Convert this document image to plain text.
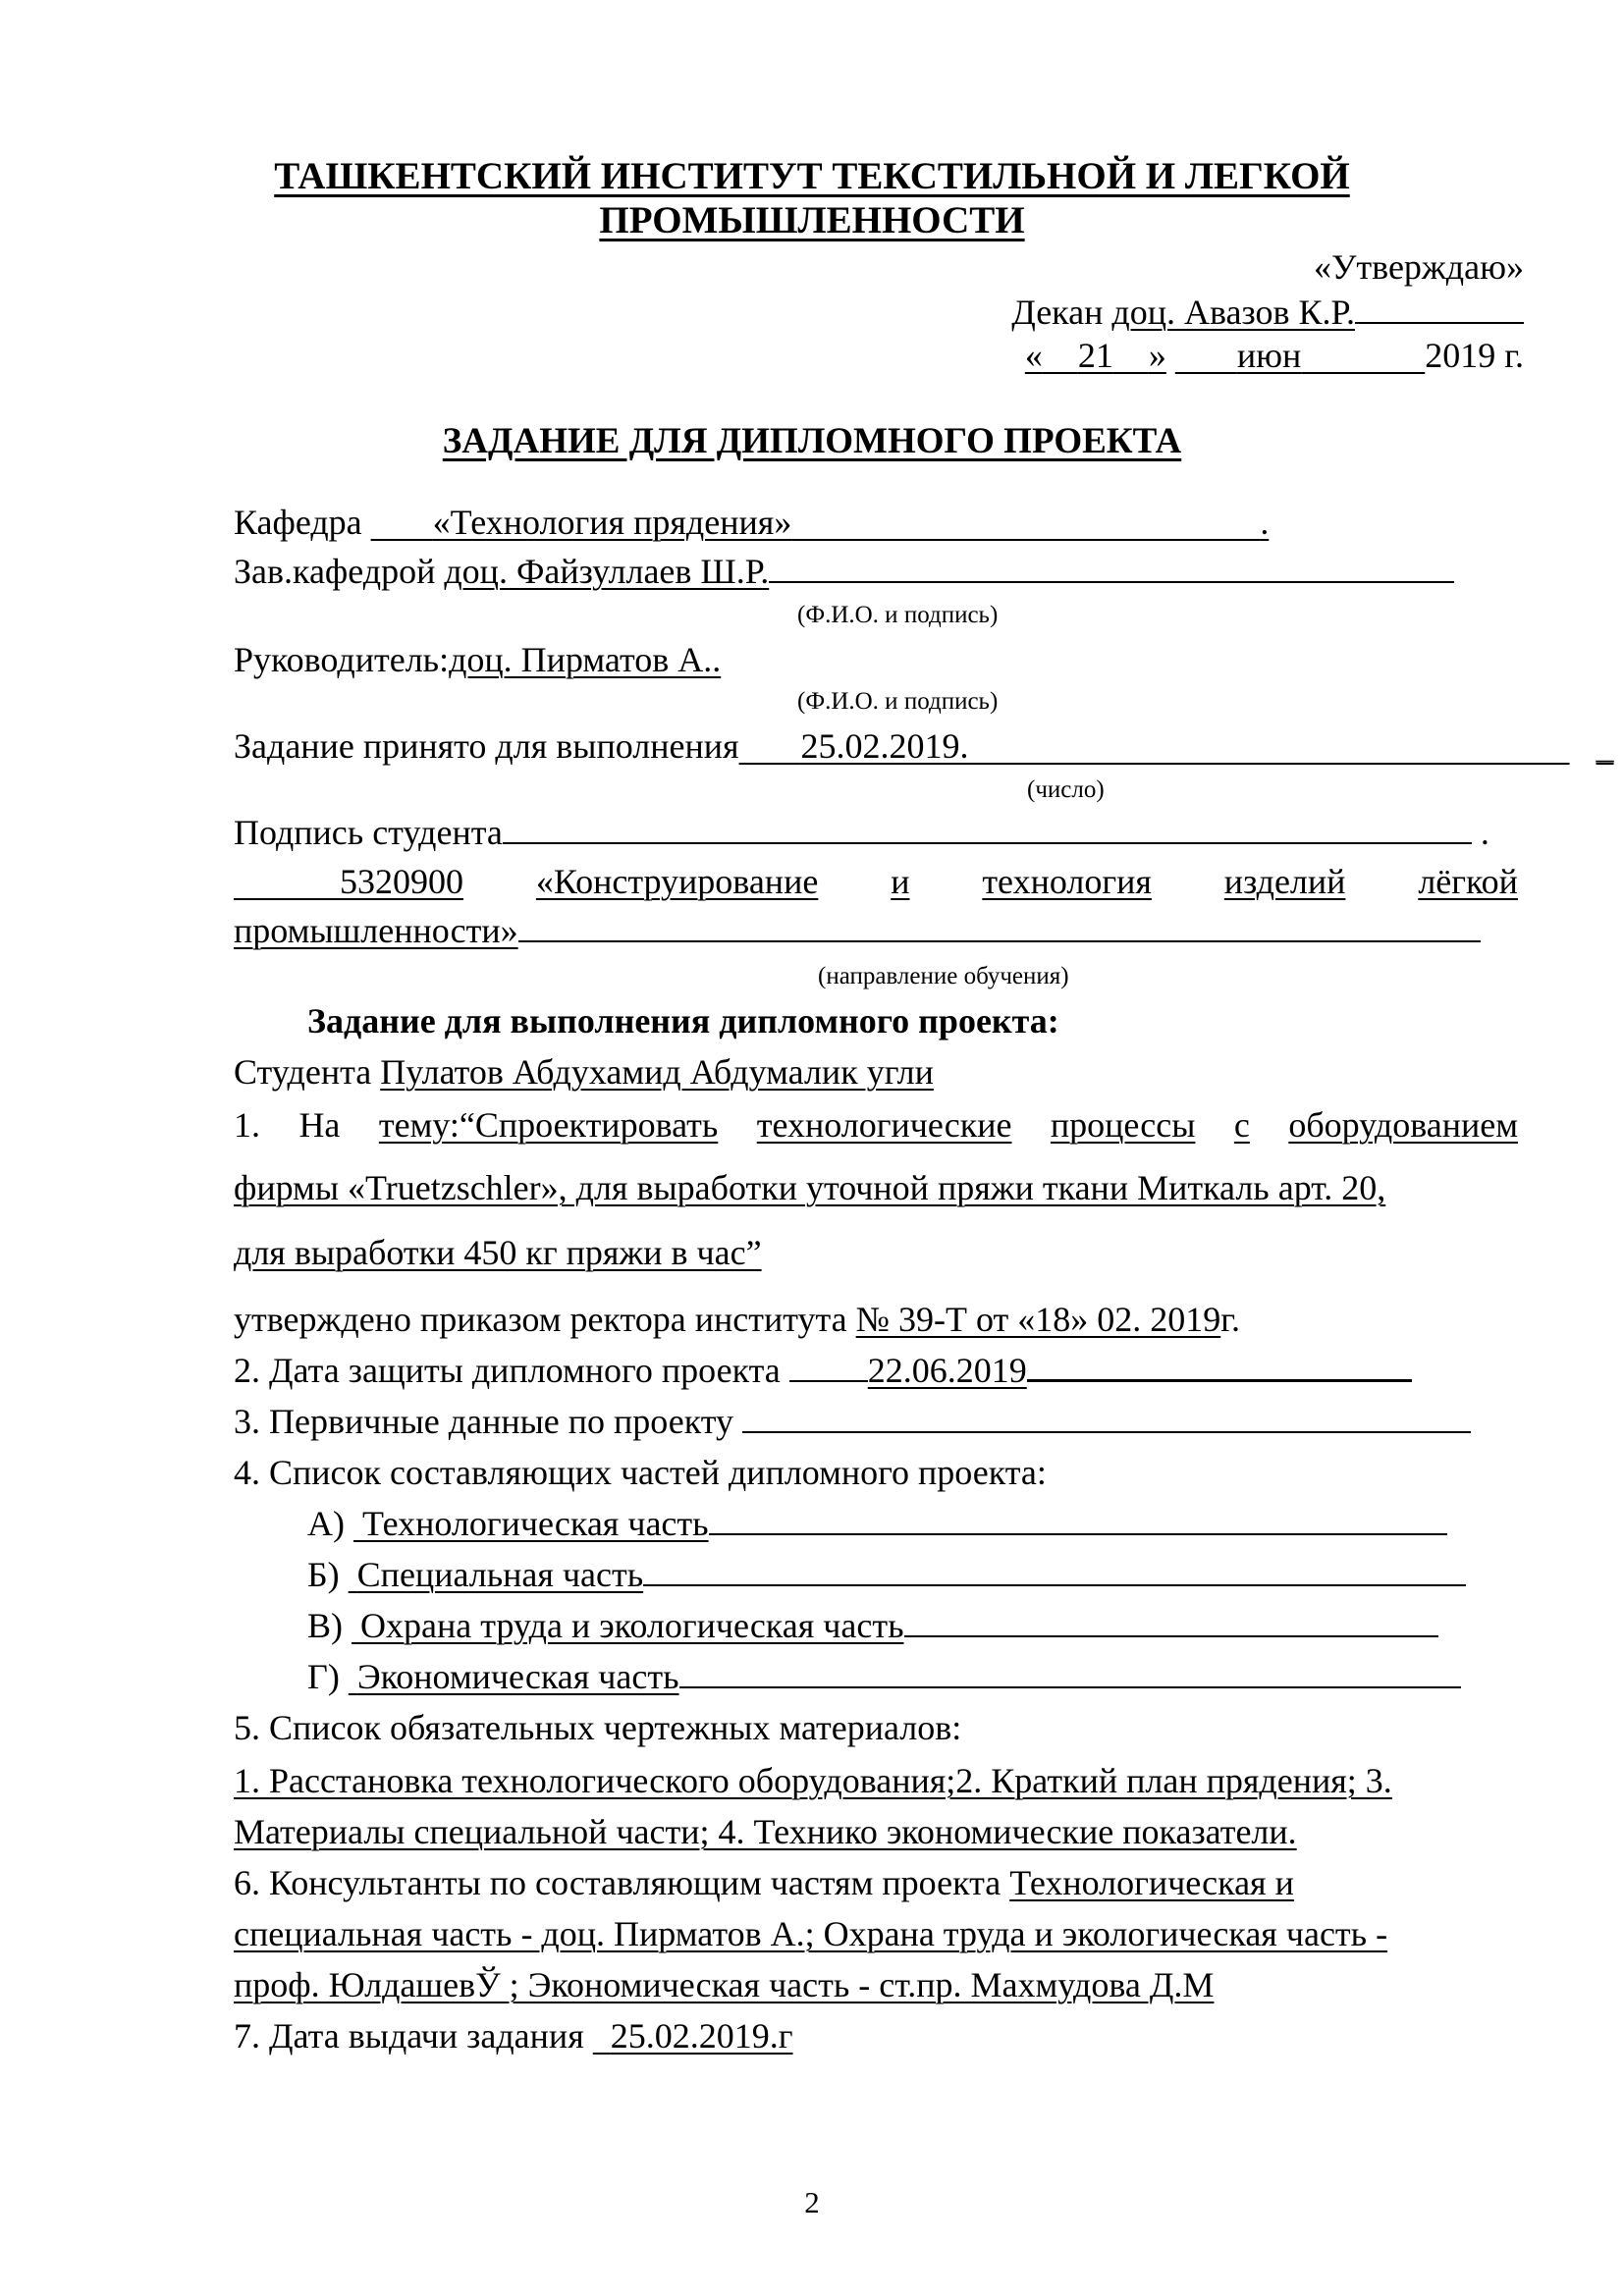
ТАШКЕНТСКИЙ ИНСТИТУТ ТЕКСТИЛЬНОЙ И ЛЕГКОЙ
ПРОМЫШЛЕННОСТИ
«Утверждаю»
Декан доц. Авазов К.Р.
« 21 » июн	2019 г.
ЗАДАНИЕ ДЛЯ ДИПЛОМНОГО ПРОЕКТА
Кафедра        «Технология прядения»	.
Зав.кафедрой доц. Файзуллаев Ш.Р.
(Ф.И.О. и подпись)
Руководитель:доц. Пирматов А..
(Ф.И.О. и подпись)
Задание принято для выполнения 25.02.2019.	_
(число)
Подпись студента	.
5320900 «Конструирование и технология изделий лёгкой
промышленности»
(направление обучения)
Задание для выполнения дипломного проекта:
Студента Пулатов Абдухамид Абдумалик угли
1. На тему:“Спроектировать технологические процессы с оборудованием
фирмы «Truetzschler», для выработки уточной пряжи ткани Миткаль арт. 20,
для выработки 450 кг пряжи в час”
утверждено приказом ректора института № 39-Т от «18» 02. 2019г.
2. Дата защиты дипломного проекта 22.06.2019
3. Первичные данные по проекту
4. Список составляющих частей дипломного проекта:
А)  Технологическая часть
Б)  Специальная часть
В)  Охрана труда и экологическая часть
Г)  Экономическая часть
5. Список обязательных чертежных материалов:
1. Расстановка технологического оборудования;2. Краткий план прядения; 3.
Материалы специальной части; 4. Технико экономические показатели.
6. Консультанты по составляющим частям проекта Технологическая и
специальная часть - доц. Пирматов А.; Охрана труда и экологическая часть -
проф. ЮлдашевЎ ; Экономическая часть - ст.пр. Махмудова Д.М
7. Дата выдачи задания   25.02.2019.г
2
